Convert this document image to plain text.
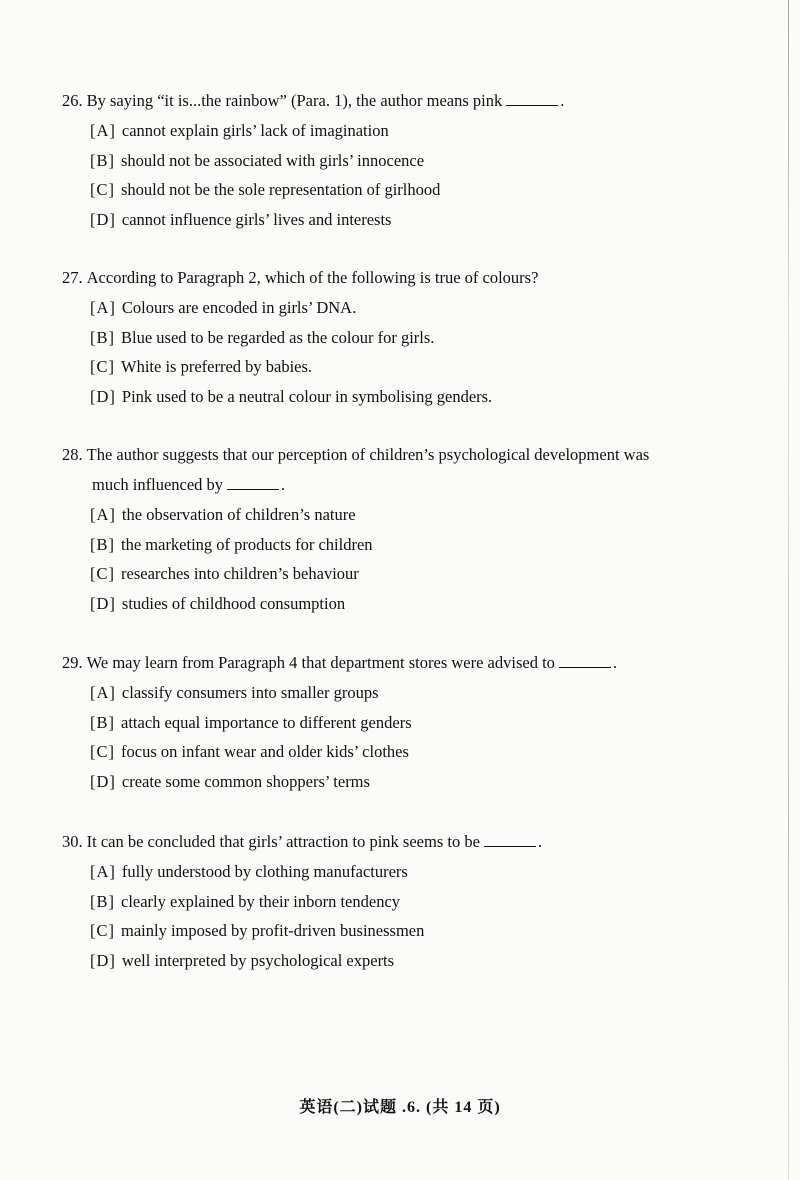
26. By saying “it is...the rainbow” (Para. 1), the author means pink	.

[A] cannot explain girls’ lack of imagination
[B] should not be associated with girls’ innocence
[C] should not be the sole representation of girlhood
[D] cannot influence girls’ lives and interests

27. According to Paragraph 2, which of the following is true of colours?

[A] Colours are encoded in girls’ DNA.
[B] Blue used to be regarded as the colour for girls.
[C] White is preferred by babies.
[D] Pink used to be a neutral colour in symbolising genders.

28. The author suggests that our perception of children’s psychological development was
much influenced by	.

[A] the observation of children’s nature
[B] the marketing of products for children
[C] researches into children’s behaviour
[D] studies of childhood consumption

29. We may learn from Paragraph 4 that department stores were advised to	.

[A] classify consumers into smaller groups
[B] attach equal importance to different genders
[C] focus on infant wear and older kids’ clothes
[D] create some common shoppers’ terms

30. It can be concluded that girls’ attraction to pink seems to be	.

[A] fully understood by clothing manufacturers
[B] clearly explained by their inborn tendency
[C] mainly imposed by profit-driven businessmen
[D] well interpreted by psychological experts
英语(二)试题 .6. (共 14 页)
